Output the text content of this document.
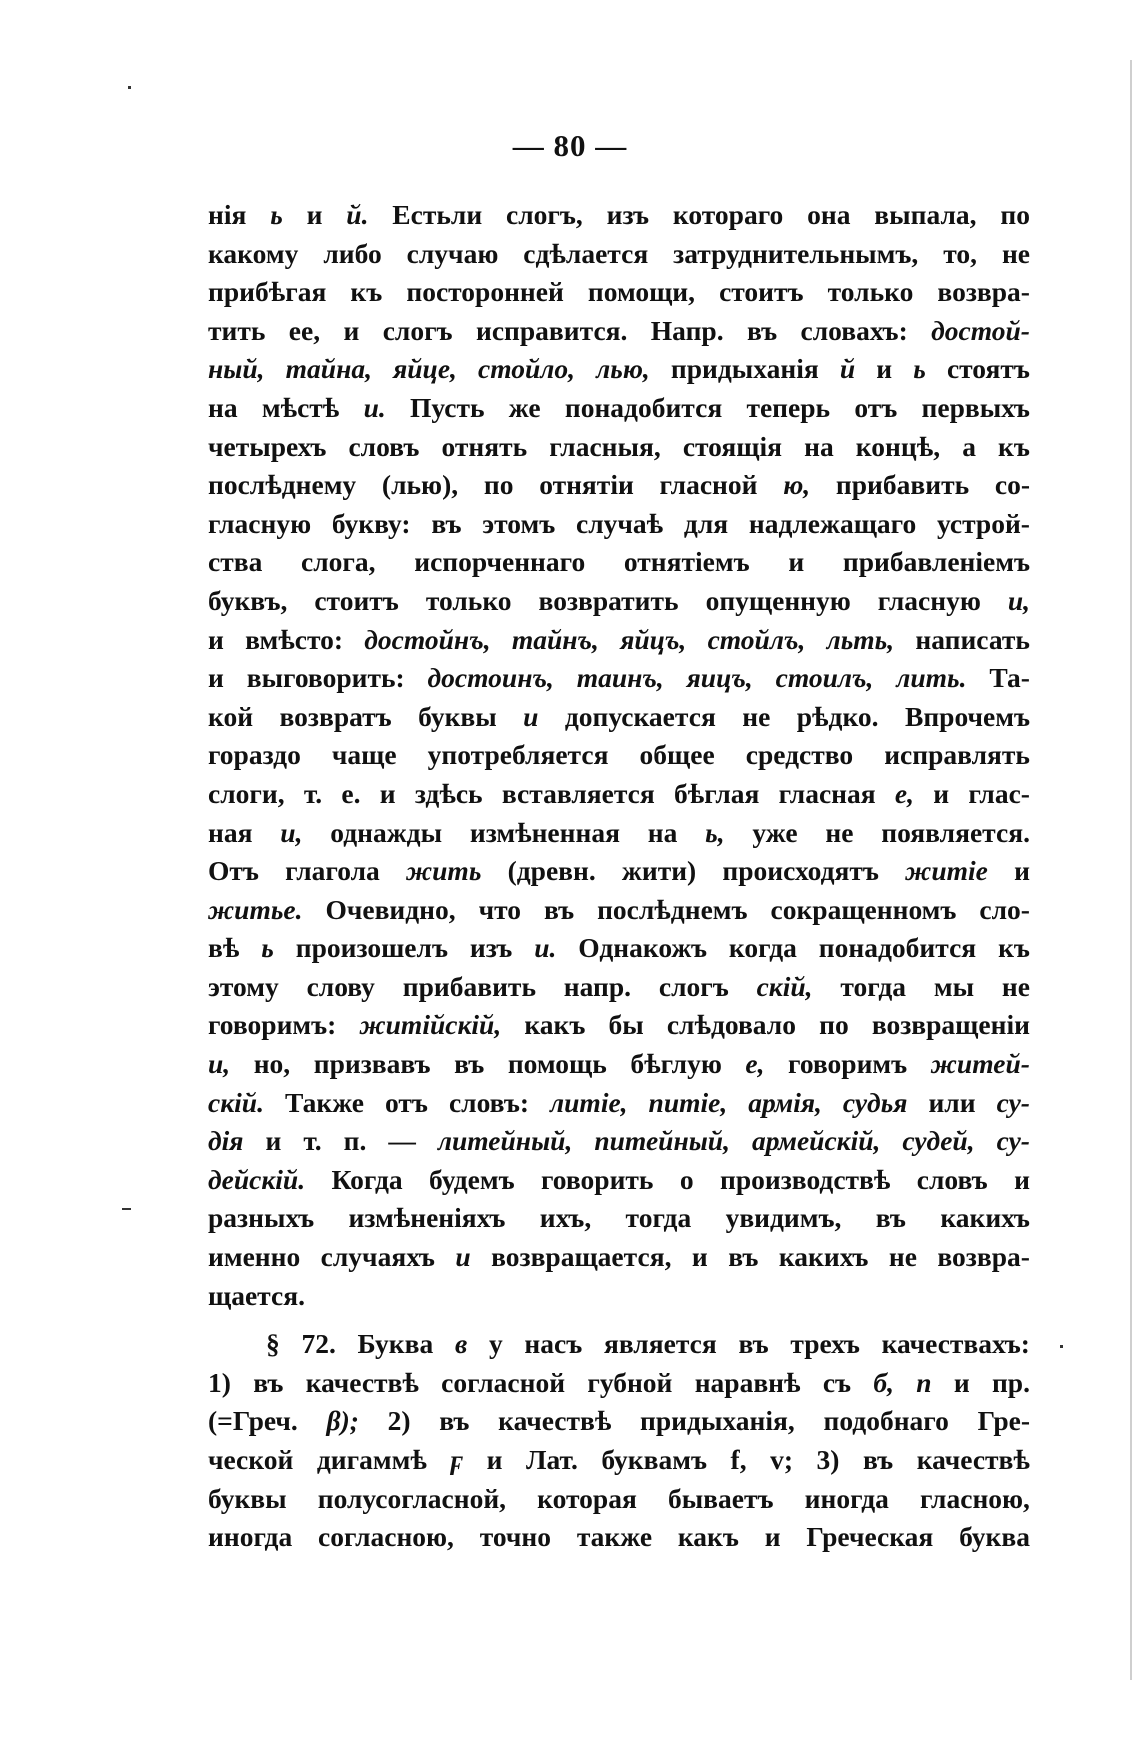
— 80 —
нія ь и й. Естьли слогъ, изъ котораго она выпала, по
какому либо случаю сдѣлается затруднительнымъ, то, не
прибѣгая къ посторонней помощи, стоитъ только возвра-
тить ее, и слогъ исправится. Напр. въ словахъ: достой-
ный, тайна, яйце, стойло, лью, придыханія й и ь стоятъ
на мѣстѣ и. Пусть же понадобится теперь отъ первыхъ
четырехъ словъ отнять гласныя, стоящія на концѣ, а къ
послѣднему (лью), по отнятіи гласной ю, прибавить со-
гласную букву: въ этомъ случаѣ для надлежащаго устрой-
ства слога, испорченнаго отнятіемъ и прибавленіемъ
буквъ, стоитъ только возвратить опущенную гласную и,
и вмѣсто: достойнъ, тайнъ, яйцъ, стойлъ, льть, написать
и выговорить: достоинъ, таинъ, яицъ, стоилъ, лить. Та-
кой возвратъ буквы и допускается не рѣдко. Впрочемъ
гораздо чаще употребляется общее средство исправлять
слоги, т. е. и здѣсь вставляется бѣглая гласная е, и глас-
ная и, однажды измѣненная на ь, уже не появляется.
Отъ глагола жить (древн. жити) происходятъ житіе и
житье. Очевидно, что въ послѣднемъ сокращенномъ сло-
вѣ ь произошелъ изъ и. Однакожъ когда понадобится къ
этому слову прибавить напр. слогъ скій, тогда мы не
говоримъ: житійскій, какъ бы слѣдовало по возвращеніи
и, но, призвавъ въ помощь бѣглую е, говоримъ житей-
скій. Также отъ словъ: литіе, питіе, армія, судья или су-
дія и т. п. — литейный, питейный, армейскій, судей, су-
дейскій. Когда будемъ говорить о производствѣ словъ и
разныхъ измѣненіяхъ ихъ, тогда увидимъ, въ какихъ
именно случаяхъ и возвращается, и въ какихъ не возвра-
щается.
§ 72. Буква в у насъ является въ трехъ качествахъ:
1) въ качествѣ согласной губной наравнѣ съ б, п и пр.
(=Греч. β); 2) въ качествѣ придыханія, подобнаго Гре-
ческой дигаммѣ ϝ и Лат. буквамъ f, v; 3) въ качествѣ
буквы полусогласной, которая бываетъ иногда гласною,
иногда согласною, точно также какъ и Греческая буква
